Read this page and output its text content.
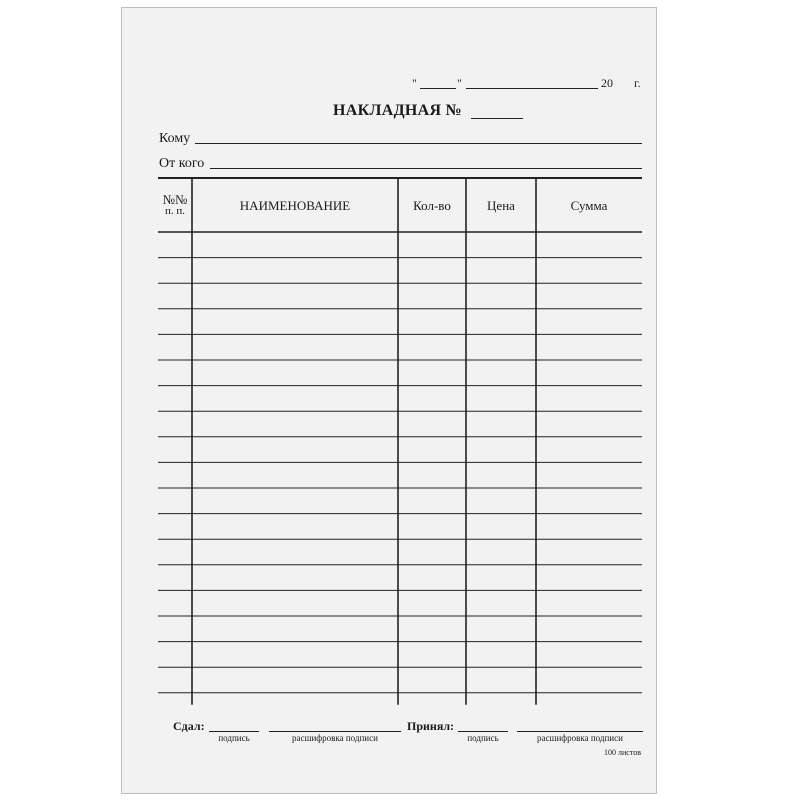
"	"	20 г.
НАКЛАДНАЯ №
Кому
От кого
№№
п. п.	НАИМЕНОВАНИЕ	Кол-во	Цена	Сумма
Сдал:
подпись	расшифровка подписи
Принял:
подпись	расшифровка подписи
100 листов
